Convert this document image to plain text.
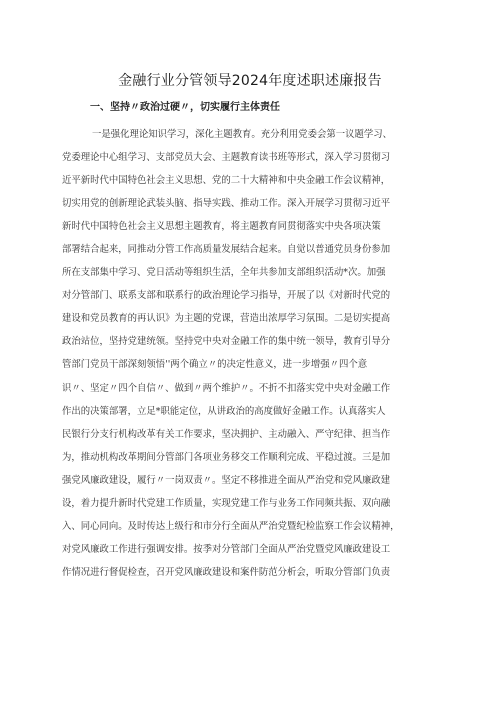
金融行业分管领导2024年度述职述廉报告
一、坚持〃政治过硬〃，切实履行主体责任
一是强化理论知识学习，深化主题教育。充分利用党委会第一议题学习、
党委理论中心组学习、支部党员大会、主题教育读书班等形式，深入学习贯彻习
近平新时代中国特色社会主义思想、党的二十大精神和中央金融工作会议精神，
切实用党的创新理论武装头脑、指导实践、推动工作。深入开展学习贯彻习近平
新时代中国特色社会主义思想主题教育，将主题教育同贯彻落实中央各项决策
部署结合起来，同推动分管工作高质量发展结合起来。自觉以普通党员身份参加
所在支部集中学习、党日活动等组织生活，全年共参加支部组织活动*次。加强
对分管部门、联系支部和联系行的政治理论学习指导，开展了以《对新时代党的
建设和党员教育的再认识》为主题的党课，营造出浓厚学习氛围。二是切实提高
政治站位，坚持党建统领。坚持党中央对金融工作的集中统一领导，教育引导分
管部门党员干部深刻领悟''两个确立〃的决定性意义，进一步增强〃四个意
识〃、坚定〃四个自信〃、做到〃两个维护〃。不折不扣落实党中央对金融工作
作出的决策部署，立足*职能定位，从讲政治的高度做好金融工作。认真落实人
民银行分支行机构改革有关工作要求，坚决拥护、主动融入、严守纪律、担当作
为，推动机构改革期间分管部门各项业务移交工作顺利完成、平稳过渡。三是加
强党风廉政建设，履行〃一岗双责〃。坚定不移推进全面从严治党和党风廉政建
设，着力提升新时代党建工作质量，实现党建工作与业务工作同频共振、双向融
入、同心同向。及时传达上级行和市分行全面从严治党暨纪检监察工作会议精神，
对党风廉政工作进行强调安排。按季对分管部门全面从严治党暨党风廉政建设工
作情况进行督促检查，召开党风廉政建设和案件防范分析会，听取分管部门负责
